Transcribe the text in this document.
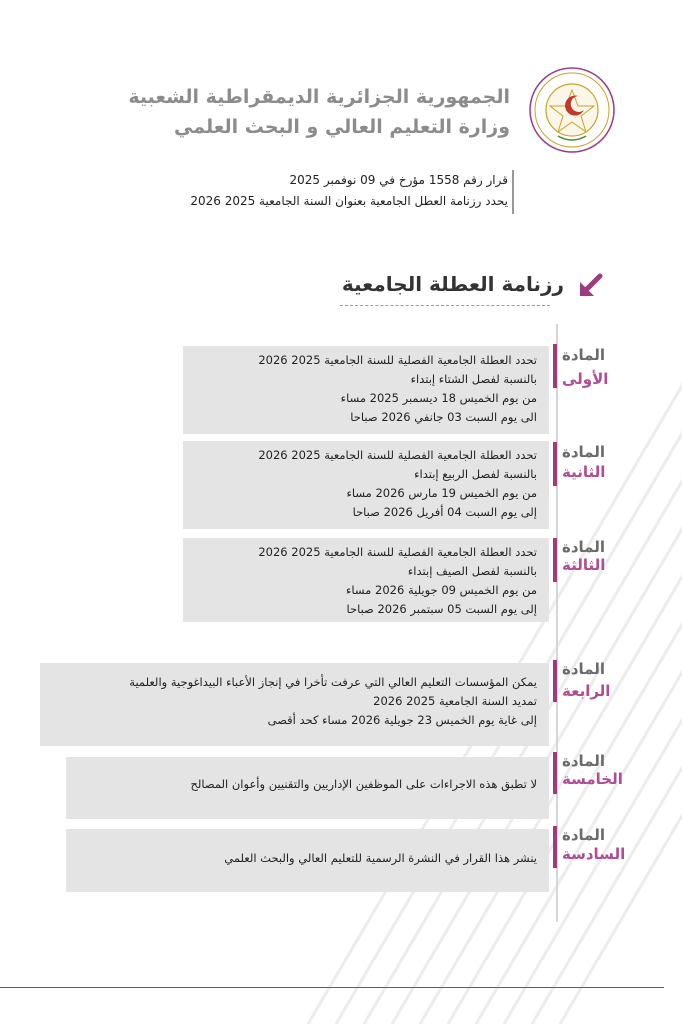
الجمهورية الجزائرية الديمقراطية الشعبية
وزارة التعليم العالي و البحث العلمي
قرار رقم 1558 مؤرخ في 09 نوفمبر 2025
يحدد رزنامة العطل الجامعية بعنوان السنة الجامعية 2025 2026
رزنامة العطلة الجامعية
المادة
الأولى

تحدد العطلة الجامعية الفصلية للسنة الجامعية 2025 2026

بالنسبة لفصل الشتاء إبتداء

من يوم الخميس 18 ديسمبر 2025 مساء

الى يوم السبت 03 جانفي 2026 صباحا

المادة
الثانية

تحدد العطلة الجامعية الفصلية للسنة الجامعية 2025 2026

بالنسبة لفصل الربيع إبتداء

من يوم الخميس 19 مارس 2026 مساء

إلى يوم السبت 04 أفريل 2026 صباحا

المادة
الثالثة

تحدد العطلة الجامعية الفصلية للسنة الجامعية 2025 2026

بالنسبة لفصل الصيف إبتداء

من يوم الخميس 09 جويلية 2026 مساء

إلى يوم السبت 05 سبتمبر 2026 صباحا

المادة
الرابعة

يمكن المؤسسات التعليم العالي التي عرفت تأخرا في إنجاز الأعباء البيداغوجية والعلمية

تمديد السنة الجامعية 2025 2026

إلى غاية يوم الخميس 23 جويلية 2026 مساء كحد أقصى

المادة
الخامسة

لا تطبق هذه الاجراءات على الموظفين الإداريين والتقنيين وأعوان المصالح

المادة
السادسة

ينشر هذا القرار في النشرة الرسمية للتعليم العالي والبحث العلمي
